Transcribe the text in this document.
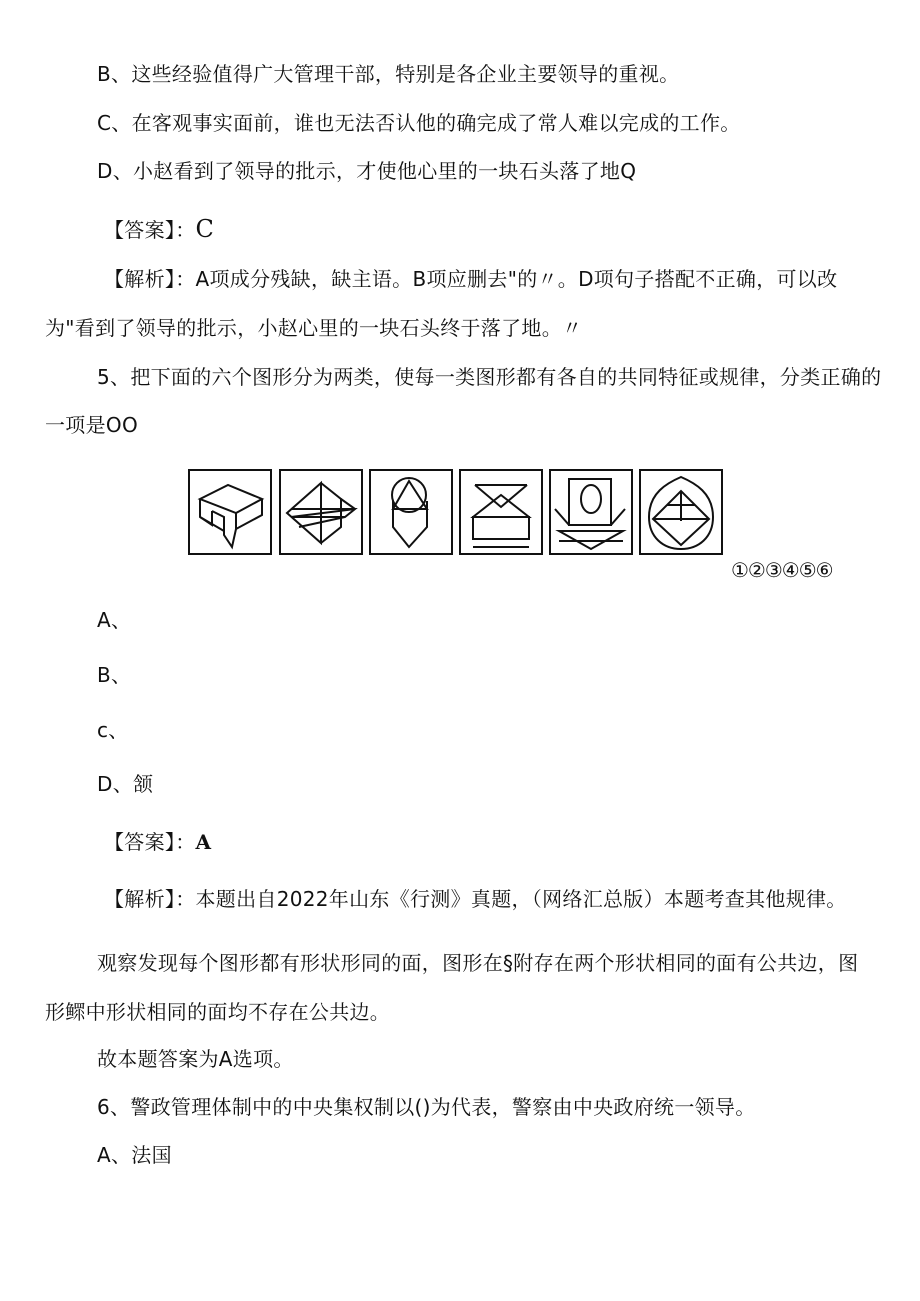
B、这些经验值得广大管理干部，特别是各企业主要领导的重视。
C、在客观事实面前，谁也无法否认他的确完成了常人难以完成的工作。
D、小赵看到了领导的批示，才使他心里的一块石头落了地Q
【答案】：C
【解析】：A项成分残缺，缺主语。B项应删去"的〃。D项句子搭配不正确，可以改
为"看到了领导的批示，小赵心里的一块石头终于落了地。〃
5、把下面的六个图形分为两类，使每一类图形都有各自的共同特征或规律，分类正确的
一项是OO
①②③④⑤⑥
A、
B、
c、
D、颔
【答案】：A
【解析】：本题出自2022年山东《行测》真题，（网络汇总版）本题考查其他规律。
观察发现每个图形都有形状形同的面，图形在§附存在两个形状相同的面有公共边，图
形鳏中形状相同的面均不存在公共边。
故本题答案为A选项。
6、警政管理体制中的中央集权制以()为代表，警察由中央政府统一领导。
A、法国
